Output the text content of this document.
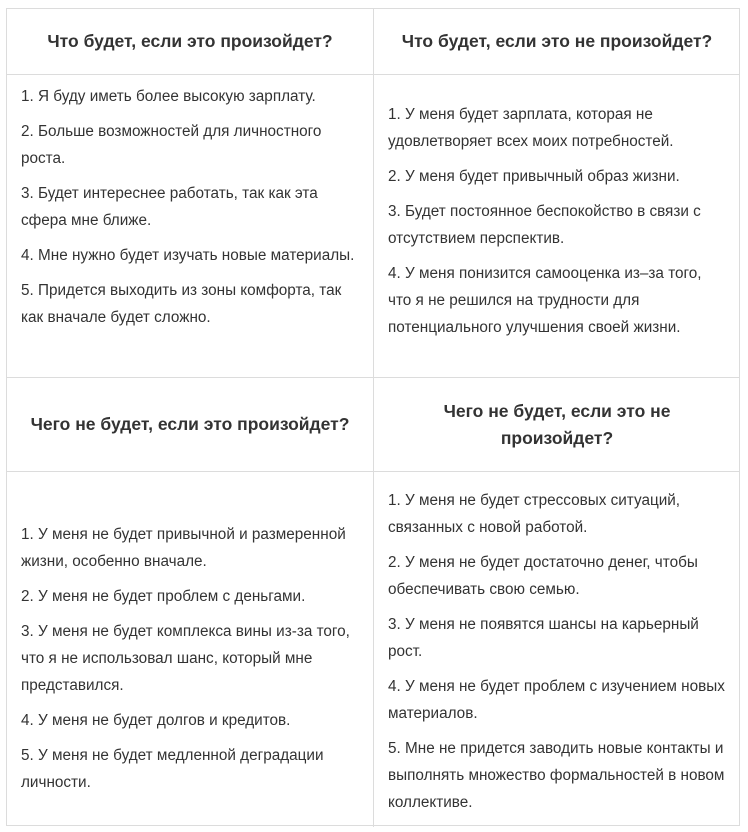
Что будет, если это произойдет?	Что будет, если это не произойдет?

1. Я буду иметь более высокую зарплату.

2. Больше возможностей для личностного роста.

3. Будет интереснее работать, так как эта сфера мне ближе.

4. Мне нужно будет изучать новые материалы.

5. Придется выходить из зоны комфорта, так как вначале будет сложно.

1. У меня будет зарплата, которая не удовлетворяет всех моих потребностей.

2. У меня будет привычный образ жизни.

3. Будет постоянное беспокойство в связи с отсутствием перспектив.

4. У меня понизится самооценка из–за того, что я не решился на трудности для потенциального улучшения своей жизни.

Чего не будет, если это произойдет?
Чего не будет, если это не произойдет?

1. У меня не будет привычной и размеренной жизни, особенно вначале.

2. У меня не будет проблем с деньгами.

3. У меня не будет комплекса вины из-за того, что я не использовал шанс, который мне представился.

4. У меня не будет долгов и кредитов.

5. У меня не будет медленной деградации личности.

1. У меня не будет стрессовых ситуаций, связанных с новой работой.

2. У меня не будет достаточно денег, чтобы обеспечивать свою семью.

3. У меня не появятся шансы на карьерный рост.

4. У меня не будет проблем с изучением новых материалов.

5. Мне не придется заводить новые контакты и выполнять множество формальностей в новом коллективе.
